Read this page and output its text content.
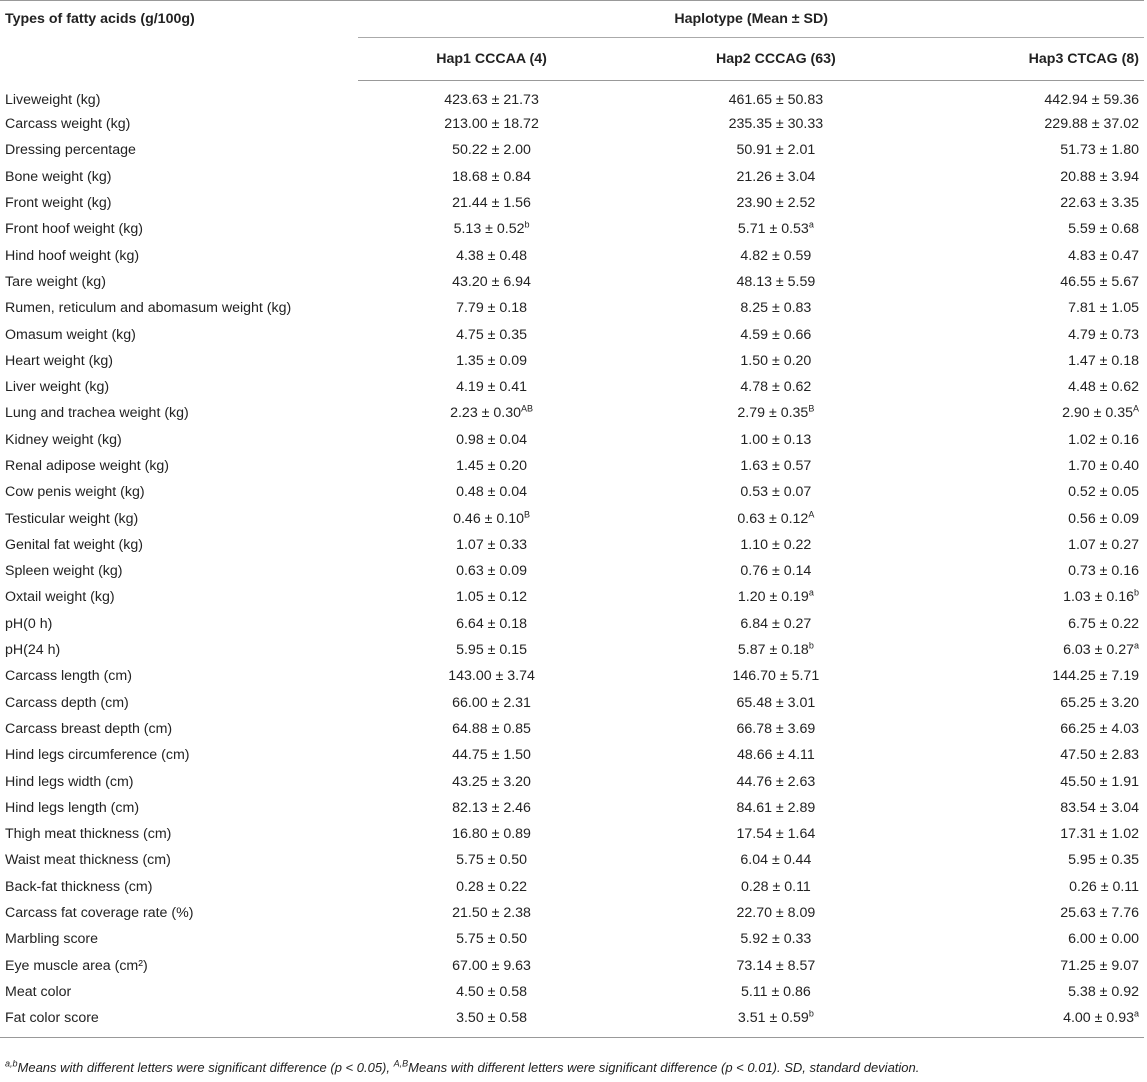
Types of fatty acids (g/100g)	Haplotype (Mean ± SD)		
	Hap1 CCCAA (4)	Hap2 CCCAG (63)	Hap3 CTCAG (8)
Liveweight (kg)	423.63 ± 21.73	461.65 ± 50.83	442.94 ± 59.36
Carcass weight (kg)	213.00 ± 18.72	235.35 ± 30.33	229.88 ± 37.02
Dressing percentage	50.22 ± 2.00	50.91 ± 2.01	51.73 ± 1.80
Bone weight (kg)	18.68 ± 0.84	21.26 ± 3.04	20.88 ± 3.94
Front weight (kg)	21.44 ± 1.56	23.90 ± 2.52	22.63 ± 3.35
Front hoof weight (kg)	5.13 ± 0.52$^b$	5.71 ± 0.53$^a$	5.59 ± 0.68
Hind hoof weight (kg)	4.38 ± 0.48	4.82 ± 0.59	4.83 ± 0.47
Tare weight (kg)	43.20 ± 6.94	48.13 ± 5.59	46.55 ± 5.67
Rumen, reticulum and abomasum weight (kg)	7.79 ± 0.18	8.25 ± 0.83	7.81 ± 1.05
Omasum weight (kg)	4.75 ± 0.35	4.59 ± 0.66	4.79 ± 0.73
Heart weight (kg)	1.35 ± 0.09	1.50 ± 0.20	1.47 ± 0.18
Liver weight (kg)	4.19 ± 0.41	4.78 ± 0.62	4.48 ± 0.62
Lung and trachea weight (kg)	$2.23 \pm 0.30^{AB}$	$2.79 \pm 0.35^B$	$2.90 \pm 0.35^A$
Kidney weight (kg)	0.98 ± 0.04	1.00 ± 0.13	1.02 ± 0.16
Renal adipose weight (kg)	1.45 ± 0.20	1.63 ± 0.57	1.70 ± 0.40
Cow penis weight (kg)	0.48 ± 0.04	0.53 ± 0.07	0.52 ± 0.05
Testicular weight (kg)	$0.46 \pm 0.10^B$	$0.63 \pm 0.12^A$	0.56 ± 0.09
Genital fat weight (kg)	1.07 ± 0.33	1.10 ± 0.22	1.07 ± 0.27
Spleen weight (kg)	0.63 ± 0.09	0.76 ± 0.14	0.73 ± 0.16
Oxtail weight (kg)	1.05 ± 0.12	1.20 ± 0.19$^a$	1.03 ± 0.16$^b$
pH(0 h)	6.64 ± 0.18	6.84 ± 0.27	6.75 ± 0.22
pH(24 h)	5.95 ± 0.15	5.87 ± 0.18$^b$	6.03 ± 0.27$^a$
Carcass length (cm)	143.00 ± 3.74	146.70 ± 5.71	144.25 ± 7.19
Carcass depth (cm)	66.00 ± 2.31	65.48 ± 3.01	65.25 ± 3.20
Carcass breast depth (cm)	64.88 ± 0.85	66.78 ± 3.69	66.25 ± 4.03
Hind legs circumference (cm)	44.75 ± 1.50	48.66 ± 4.11	47.50 ± 2.83
Hind legs width (cm)	43.25 ± 3.20	44.76 ± 2.63	45.50 ± 1.91
Hind legs length (cm)	82.13 ± 2.46	84.61 ± 2.89	83.54 ± 3.04
Thigh meat thickness (cm)	16.80 ± 0.89	17.54 ± 1.64	17.31 ± 1.02
Waist meat thickness (cm)	5.75 ± 0.50	6.04 ± 0.44	5.95 ± 0.35
Back-fat thickness (cm)	0.28 ± 0.22	0.28 ± 0.11	0.26 ± 0.11
Carcass fat coverage rate (%)	21.50 ± 2.38	22.70 ± 8.09	25.63 ± 7.76
Marbling score	5.75 ± 0.50	5.92 ± 0.33	6.00 ± 0.00
Eye muscle area (cm²)	67.00 ± 9.63	73.14 ± 8.57	71.25 ± 9.07
Meat color	4.50 ± 0.58	5.11 ± 0.86	5.38 ± 0.92
Fat color score	3.50 ± 0.58	3.51 ± 0.59$^b$	4.00 ± 0.93$^a$
$^{a,b}$Means with different letters were significant difference (p < 0.05), $^{A,B}$Means with different letters were significant difference (p < 0.01). SD, standard deviation.
